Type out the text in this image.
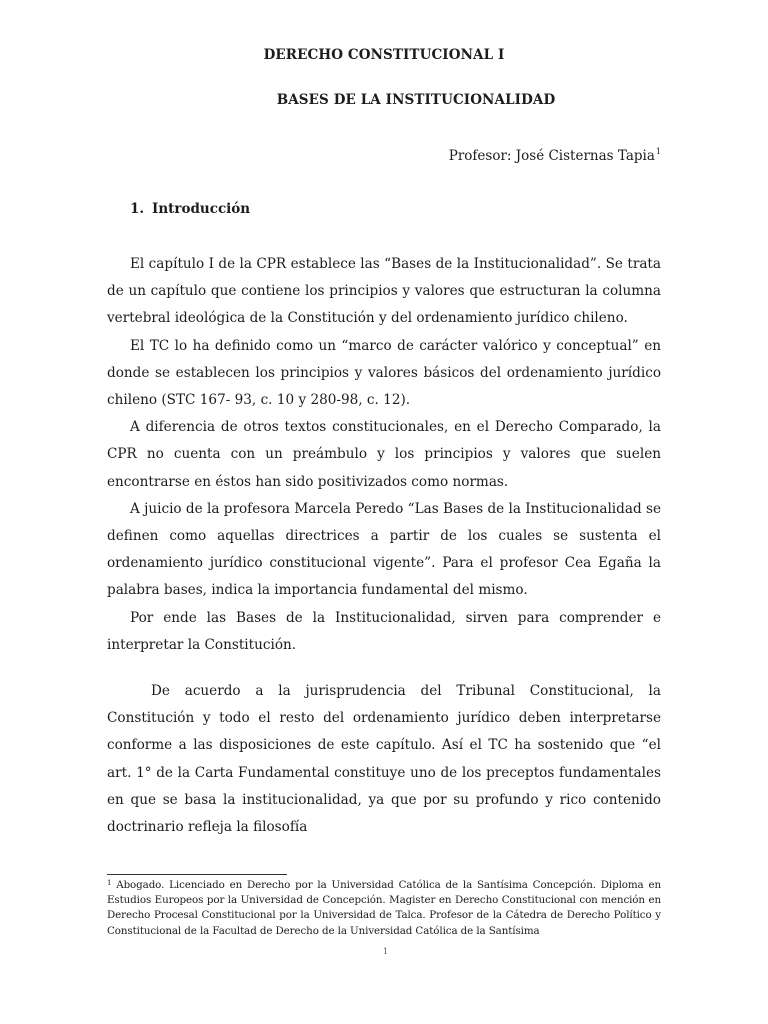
DERECHO CONSTITUCIONAL I
BASES DE LA INSTITUCIONALIDAD
Profesor: José Cisternas Tapia$^1$
1. Introducción

El capítulo I de la CPR establece las “Bases de la Institucionalidad”. Se trata de un capítulo que contiene los principios y valores que estructuran la columna vertebral ideológica de la Constitución y del ordenamiento jurídico chileno.

El TC lo ha definido como un “marco de carácter valórico y conceptual” en donde se establecen los principios y valores básicos del ordenamiento jurídico chileno (STC 167- 93, c. 10 y 280-98, c. 12).

A diferencia de otros textos constitucionales, en el Derecho Comparado, la CPR no cuenta con un preámbulo y los principios y valores que suelen encontrarse en éstos han sido positivizados como normas.

A juicio de la profesora Marcela Peredo “Las Bases de la Institucionalidad se definen como aquellas directrices a partir de los cuales se sustenta el ordenamiento jurídico constitucional vigente”. Para el profesor Cea Egaña la palabra bases, indica la importancia fundamental del mismo.

Por ende las Bases de la Institucionalidad, sirven para comprender e interpretar la Constitución.

De acuerdo a la jurisprudencia del Tribunal Constitucional, la Constitución y todo el resto del ordenamiento jurídico deben interpretarse conforme a las disposiciones de este capítulo. Así el TC ha sostenido que “el art. 1° de la Carta Fundamental constituye uno de los preceptos fundamentales en que se basa la institucionalidad, ya que por su profundo y rico contenido doctrinario refleja la filosofía

$^1$ Abogado. Licenciado en Derecho por la Universidad Católica de la Santísima Concepción. Diploma en Estudios Europeos por la Universidad de Concepción. Magister en Derecho Constitucional con mención en Derecho Procesal Constitucional por la Universidad de Talca. Profesor de la Cátedra de Derecho Político y Constitucional de la Facultad de Derecho de la Universidad Católica de la Santísima
1
